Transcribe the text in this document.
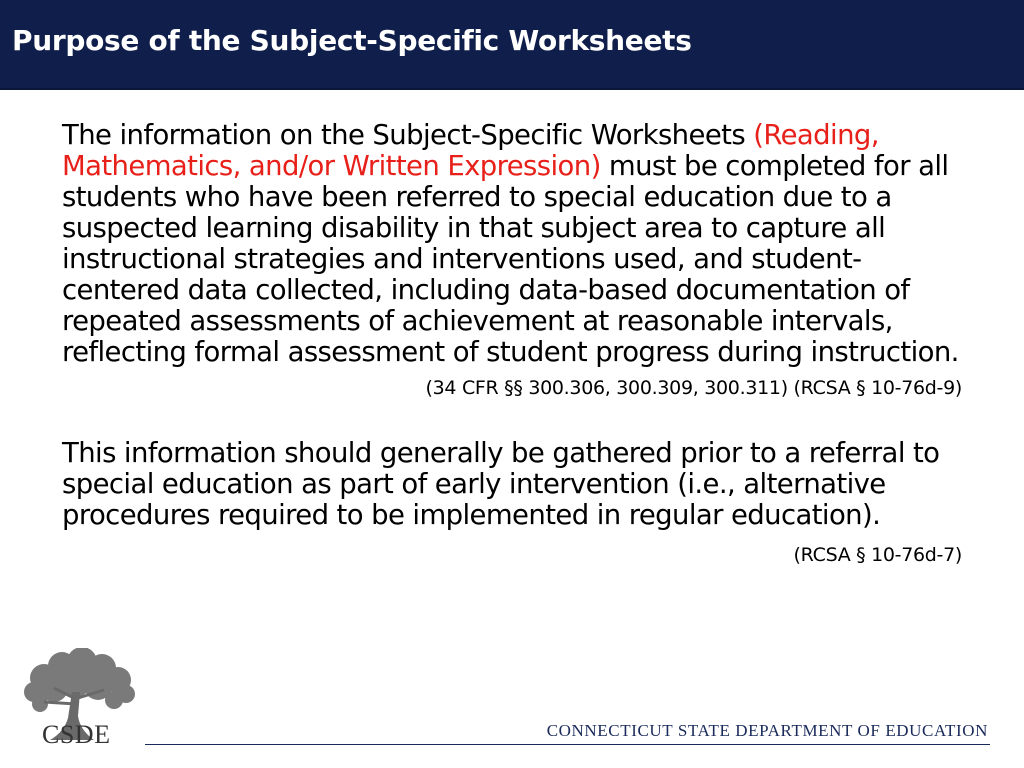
Purpose of the Subject-Specific Worksheets

The information on the Subject-Specific Worksheets (Reading, Mathematics, and/or Written Expression) must be completed for all students who have been referred to special education due to a suspected learning disability in that subject area to capture all instructional strategies and interventions used, and student-centered data collected, including data-based documentation of repeated assessments of achievement at reasonable intervals, reflecting formal assessment of student progress during instruction.

(34 CFR §§ 300.306, 300.309, 300.311) (RCSA § 10-76d-9)

This information should generally be gathered prior to a referral to special education as part of early intervention (i.e., alternative procedures required to be implemented in regular education).

(RCSA § 10-76d-7)

CSDE	CONNECTICUT STATE DEPARTMENT OF EDUCATION
